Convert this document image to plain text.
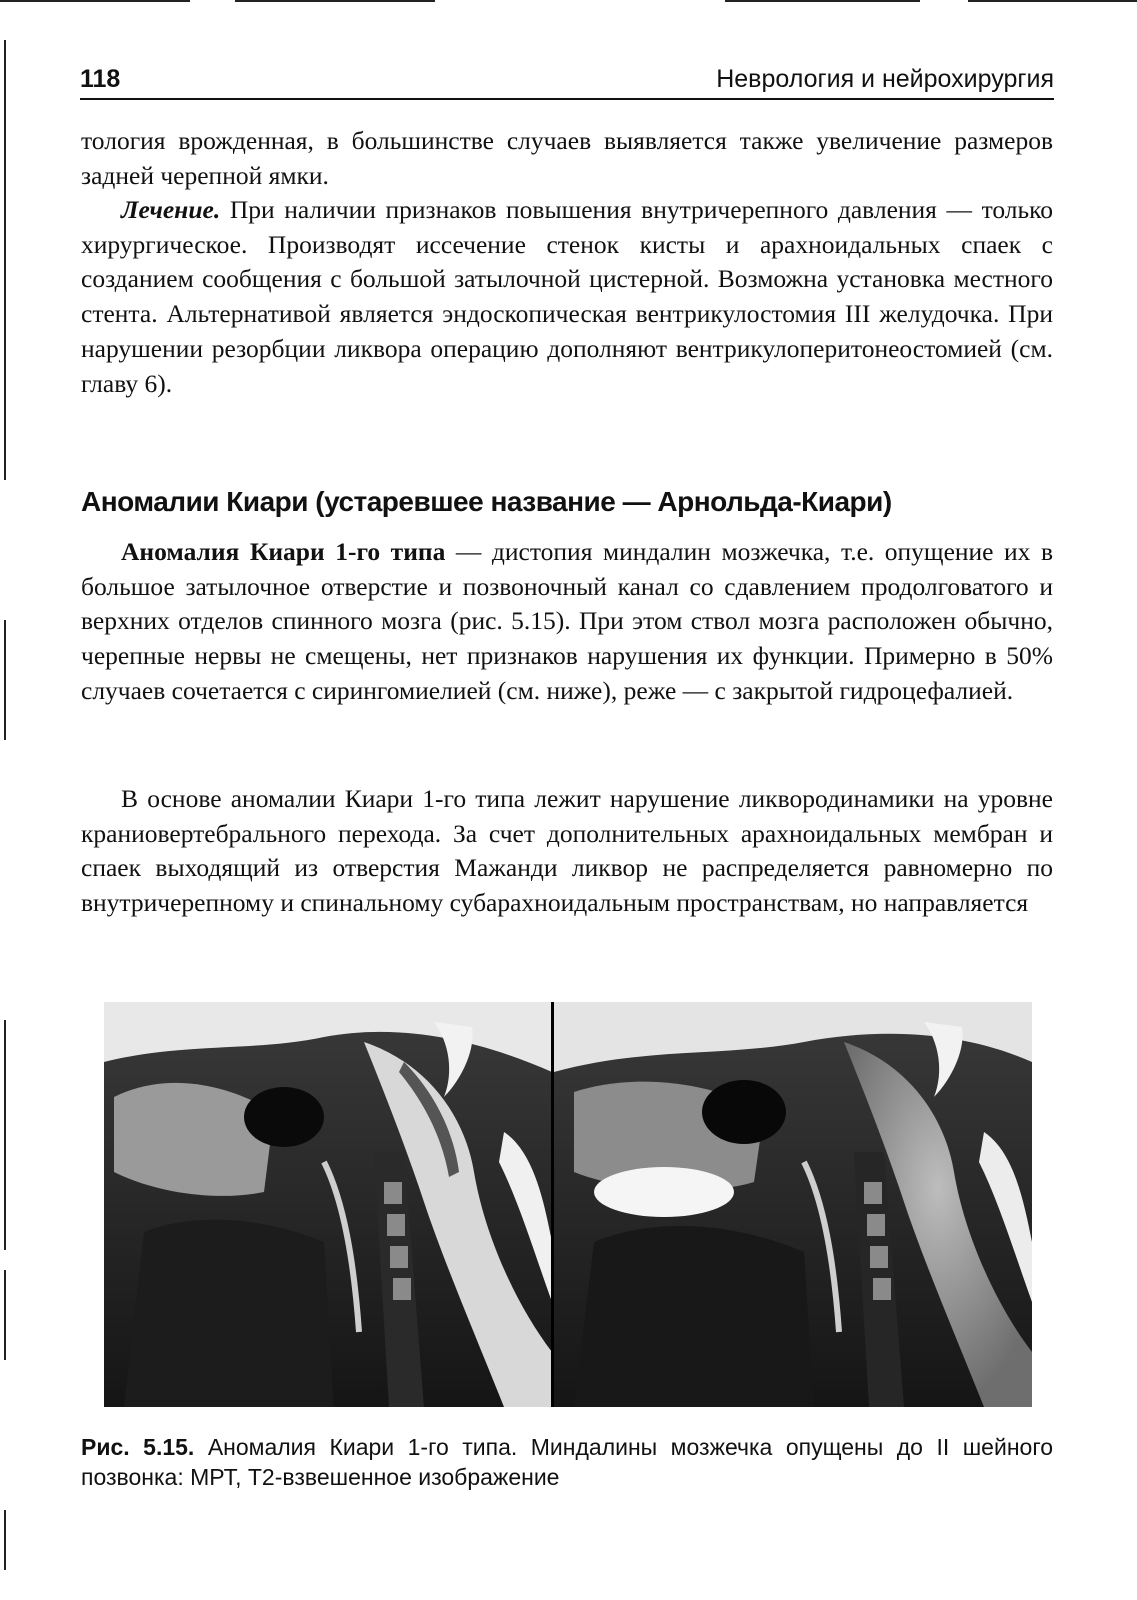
118	Неврология и нейрохирургия

тология врожденная, в большинстве случаев выявляется также увеличение размеров задней черепной ямки.

Лечение. При наличии признаков повышения внутричерепного давления — только хирургическое. Производят иссечение стенок кисты и арахноидальных спаек с созданием сообщения с большой затылочной цистерной. Возможна установка местного стента. Альтернативой является эндоскопическая вентрикулостомия III желудочка. При нарушении резорбции ликвора операцию дополняют вентрикулоперитонеостомией (см. главу 6).

Аномалии Киари (устаревшее название — Арнольда-Киари)

Аномалия Киари 1-го типа — дистопия миндалин мозжечка, т.е. опущение их в большое затылочное отверстие и позвоночный канал со сдавлением продолговатого и верхних отделов спинного мозга (рис. 5.15). При этом ствол мозга расположен обычно, черепные нервы не смещены, нет признаков нарушения их функции. Примерно в 50% случаев сочетается с сирингомиелией (см. ниже), реже — с закрытой гидроцефалией.

В основе аномалии Киари 1-го типа лежит нарушение ликвородинамики на уровне краниовертебрального перехода. За счет дополнительных арахноидальных мембран и спаек выходящий из отверстия Мажанди ликвор не распределяется равномерно по внутричерепному и спинальному субарахноидальным пространствам, но направляется

Рис. 5.15. Аномалия Киари 1-го типа. Миндалины мозжечка опущены до II шейного позвонка: МРТ, Т2-взвешенное изображение
